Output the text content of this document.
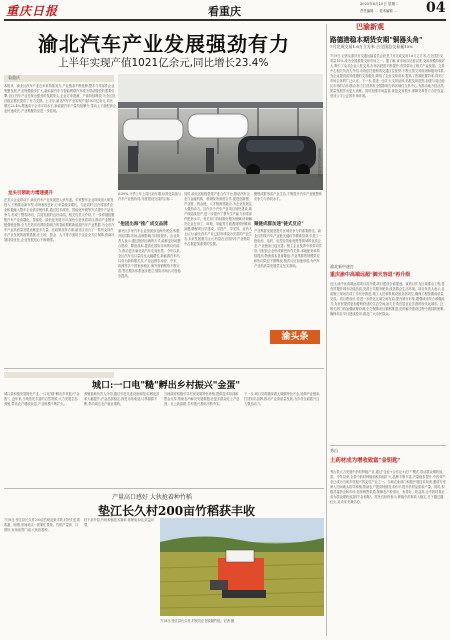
重庆日报	看重庆
2025年6月10日 星期二
责任编辑 … 美术编辑 … 04
渝北汽车产业发展强劲有力
上半年实现产值1021亿余元,同比增长23.4%
看重庆
本报讯　渝北区汽车产业近年来持续发力,产业链条不断延伸,整车与零部件企业集聚发展,产业规模稳步扩大,新能源汽车与智能网联汽车成为带动增长的重要引擎,全区汽车产业呈现出强劲的发展势头,企业订单饱满、产能持续释放,为全区经济稳定增长提供了有力支撑。上半年,渝北汽车产业实现产值1021亿余元,同比增长23.4%,增速高于全市平均水平,新能源汽车产量持续攀升,带动上下游配套企业快速成长,产业集聚效应进一步显现。
龙头引领助力增速提升
在龙头企业带动下,渝北汽车产业发展进入快车道。多家整车企业持续加大研发投入,不断推出新车型,市场表现良好,订单量稳步增长。与此同时,区内零部件企业积极融入整车企业供应链体系,通过技术改造、智能化升级等方式提升产品竞争力,形成了整零协同、共同发展的良好局面。相关负责人介绍,下一步将继续聚焦汽车产业高端化、智能化、绿色化发展方向,加快引进优质项目,推动产业链补链强链延链,全力打造具有国际影响力的智能网联新能源汽车产业集群,为全市汽车产业高质量发展贡献更多力量。在政策扶持方面,渝北区出台了一系列支持汽车产业发展的政策措施,在土地、资金、人才等方面给予企业全方位保障,营商环境持续优化,企业发展信心不断增强。
渝北某汽车生产基地
6.28%,分季上年上同比前年增,标准化装备与汽车产业链协同,年度建设完成的目标...
"抱团出海"推广成交品牌
渝北区多家汽车企业组团参加海外展会,积极开拓国际市场,品牌影响力持续提升。企业负责人表示,通过抱团出海的方式,能够更好地整合资源、降低成本,提高在国际市场的议价能力,推动更多渝北造汽车走向世界。今年以来,全区汽车出口量同比大幅增长,新能源汽车出口成为新的增长点,产品远销东南亚、中东、欧洲等多个国家和地区,海外营销网络不断完善,售后服务体系逐步建立,国际市场认可度稳步提高。
同时,渝北区积极搭建产业合作平台,推动汽车企业与金融机构、科研院所深度合作,促进创新链、产业链、资金链、人才链深度融合,为企业发展注入强劲动力。区内多个汽车产业项目加快建设,新产线陆续投产,进一步提升了整车生产能力和零部件配套水平。有关部门持续做好服务保障,协调解决企业在用工、用地、用能等方面遇到的困难和问题,确保项目早建成、早投产、早见效。业内人士认为,渝北汽车产业已经形成较为完善的产业生态,未来发展潜力巨大,有望在全国汽车产业格局中占据更加重要的位置。
聚链成群加速"链式反应"
聚链成群形成产业生态,不断提升汽车产业链整体竞争力与协同水平。
产业集群发展是提升区域竞争力的重要路径。渝北区围绕汽车产业链关键环节精准招商,引进了一批电池、电机、电控及智能座舱等领域的优质企业,产业链条日趋完善。链主企业发挥引领带动作用,与配套企业形成紧密协作关系,本地配套率持续提高,物流成本显著降低,产业集群的规模效应和协同效应不断释放,链式反应加速形成,为汽车产业高质量发展奠定坚实基础。
渝头条
巴渝新观
路德港稳本期货安期"铜器头角"
7月完成交易1.6万立方米 占全国总交易量15%
7月9日,记者从重庆市交通运输委员会获悉,7月完成交易1.6万立方米,占全国总交易量15%,成为全国重要交易市场之一。据了解,该市场自运营以来,交易规模持续扩大,吸引了众多企业入驻交易,市场活跃度不断提升,有效带动了相关产业发展。交易中心相关负责人介绍,市场依托便利的交通区位优势,不断完善交易规则和服务体系,为企业提供高效便捷的交易服务,降低了企业交易成本,提高了资源配置效率,得到了市场主体的广泛认可。下一步,将进一步扩大交易品种,拓展交易范围,加强与周边地区市场的合作联动,努力打造具有全国影响力的区域性交易中心,为推动地方经济高质量发展作出更大贡献。同时加强市场监管,规范交易秩序,保障交易各方合法权益,营造公平公正的市场环境。
渝北新中速打
重庆渝中高端远超"御天容退"再升级
近日,渝中区高端远超项目再升级,项目建设全面提速。该项目作为区域重点工程,将有效提升城市功能品质,完善公共服务配套,改善群众生活环境。项目负责人表示,目前施工现场各项工作有序推进,施工人员和机械设备全部到位,确保工程按期高质量完成。项目建成后,将进一步优化区域空间布局,提升城市形象,增强城市综合承载能力,为市民提供更加便利舒适的生活空间,助力打造宜居宜业宜游的现代化城市。区相关部门将加强统筹协调,全力保障项目顺利推进,及时解决建设过程中遇到的困难,确保项目早日建成投用,惠及广大市民群众。
秀山
土药材成为增收致富"金钥匙"
秀山县大力发展中药材种植产业,通过"企业+合作社+农户"模式,带动群众增收致富。今年以来,全县中药材种植面积持续扩大,品种不断丰富,产量稳步提升,中药材产业已成为当地乡村振兴的支柱产业之一。当地农业部门积极开展技术培训,邀请专家深入田间地头指导种植,帮助农户提高种植技术水平,提升药材品质和产量。同时,积极对接药企和市场,拓宽销售渠道,保障农户种得出、卖得好、收益高,让中药材真正成为群众增收致富的"金钥匙"。村民们纷纷表示,种植中药材收入稳定,日子越过越红火,对未来充满信心。
城口:一口电"糙"孵出乡村振兴"金蛋"
城口县积极发展特色产业,一口电"糙"孵出乡村振兴"金蛋"。近年来,当地依托丰富的自然资源,大力发展生态养殖,带动农户增收致富,产业规模不断扩大。
养殖基地负责人介绍,通过引进先进设备和技术,孵化效率大幅提升,产品品质稳定,深受市场欢迎,订单源源不断,带动周边农户就业增收。
当地政府积极引导村民发展特色养殖,提供技术培训和资金支持,帮助农户解决发展难题,让更多群众吃上产业饭、走上致富路,乡村振兴基础不断夯实。
下一步,城口县将继续做大做强特色产业,延伸产业链条,打造知名品牌,推动产业高质量发展,为乡村全面振兴注入强劲动力。
产量高口感好 大伙抢着种竹稻
垫江长久村200亩竹稻获丰收
7月8日,垫江县长久村200亩竹稻迎来丰收,村民们忙着收割、晾晒,田间地头一派繁忙景象。竹稻产量高、口感好,市场前景广阔,大伙抢着种。
村干部介绍,竹稻种植技术简单,管理成本低,效益可观。
7月8日,垫江县长久村,村民们正在收割竹稻。记者 摄
